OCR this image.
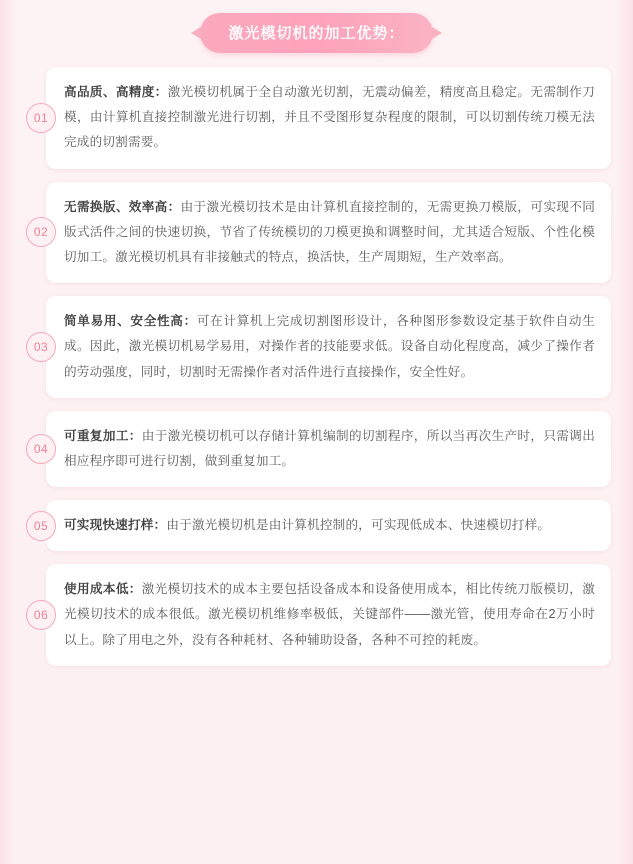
激光模切机的加工优势：
01

高品质、高精度：激光模切机属于全自动激光切割，无震动偏差，精度高且稳定。无需制作刀模，由计算机直接控制激光进行切割，并且不受图形复杂程度的限制，可以切割传统刀模无法完成的切割需要。

02

无需换版、效率高：由于激光模切技术是由计算机直接控制的，无需更换刀模版，可实现不同版式活件之间的快速切换，节省了传统模切的刀模更换和调整时间，尤其适合短版、个性化模切加工。激光模切机具有非接触式的特点，换活快，生产周期短，生产效率高。

03

简单易用、安全性高：可在计算机上完成切割图形设计，各种图形参数设定基于软件自动生成。因此，激光模切机易学易用，对操作者的技能要求低。设备自动化程度高，减少了操作者的劳动强度，同时，切割时无需操作者对活件进行直接操作，安全性好。

04

可重复加工：由于激光模切机可以存储计算机编制的切割程序，所以当再次生产时，只需调出相应程序即可进行切割，做到重复加工。

05	可实现快速打样：由于激光模切机是由计算机控制的，可实现低成本、快速模切打样。

06

使用成本低：激光模切技术的成本主要包括设备成本和设备使用成本，相比传统刀版模切，激光模切技术的成本很低。激光模切机维修率极低，关键部件——激光管，使用寿命在2万小时以上。除了用电之外，没有各种耗材、各种辅助设备，各种不可控的耗废。
